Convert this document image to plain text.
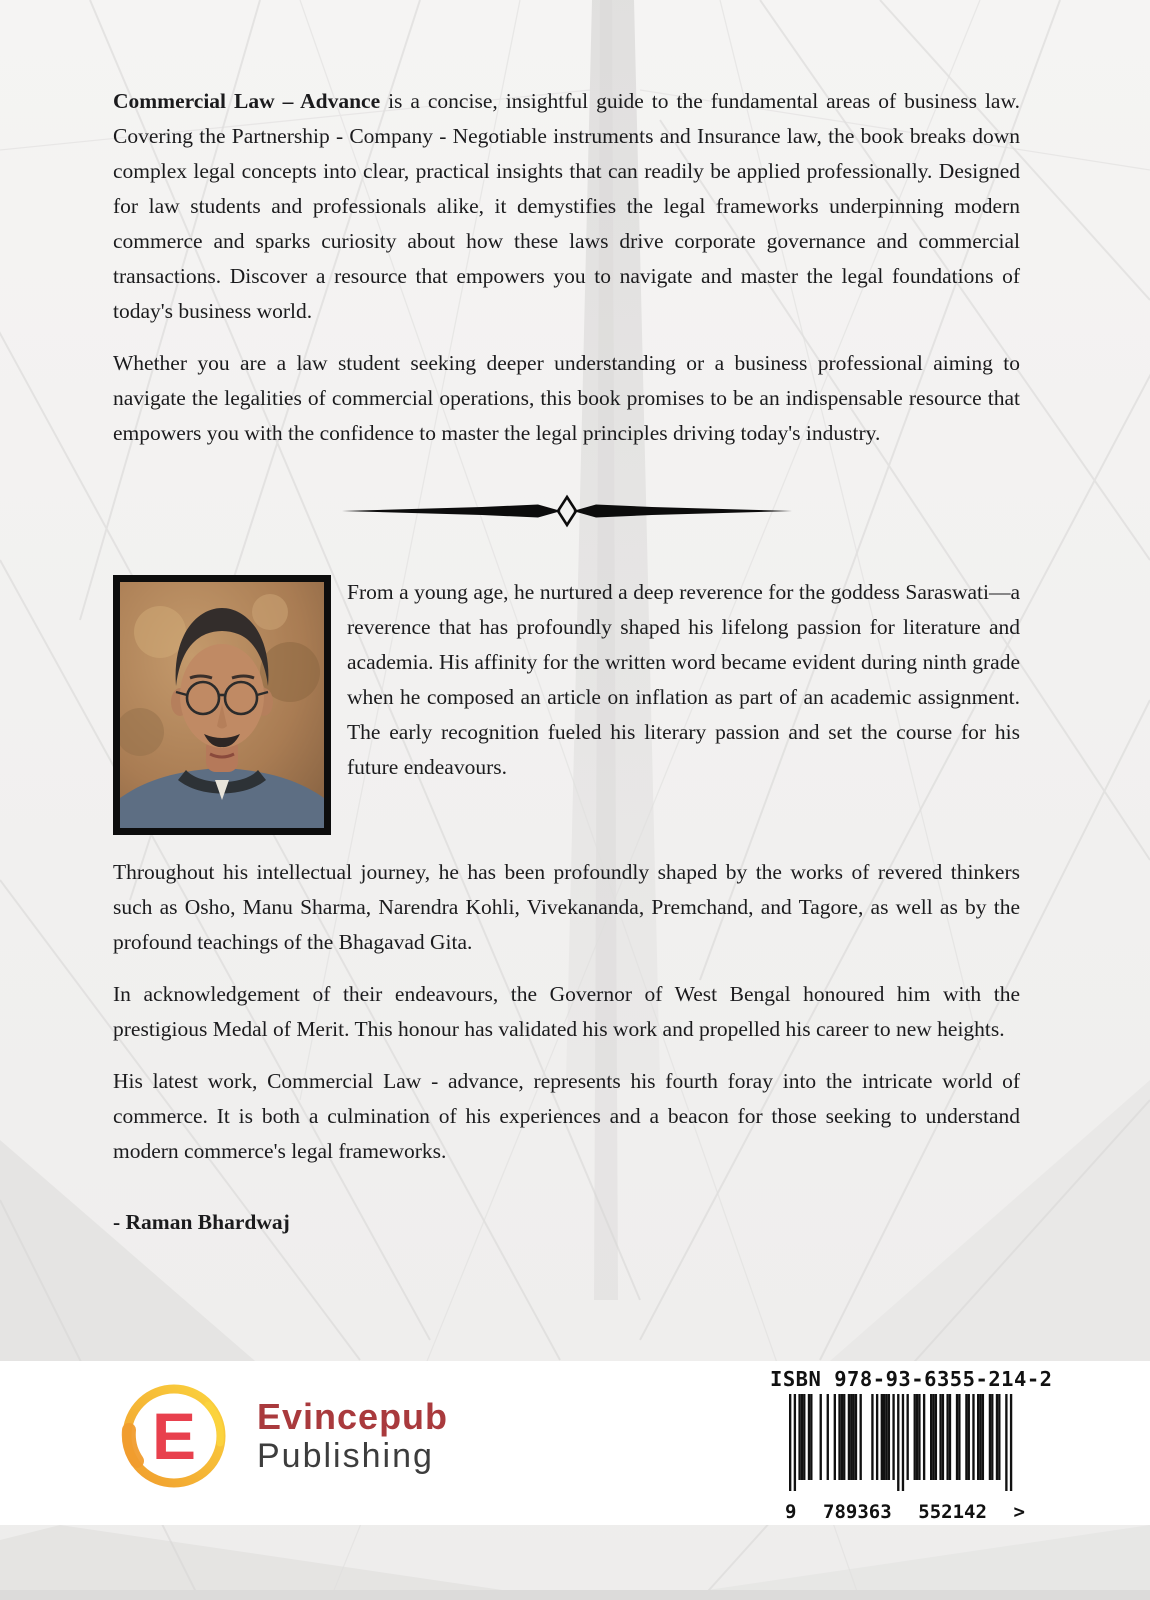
Commercial Law – Advance is a concise, insightful guide to the fundamental areas of business law. Covering the Partnership - Company - Negotiable instruments and Insurance law, the book breaks down complex legal concepts into clear, practical insights that can readily be applied professionally. Designed for law students and professionals alike, it demystifies the legal frameworks underpinning modern commerce and sparks curiosity about how these laws drive corporate governance and commercial transactions. Discover a resource that empowers you to navigate and master the legal foundations of today's business world.

Whether you are a law student seeking deeper understanding or a business professional aiming to navigate the legalities of commercial operations, this book promises to be an indispensable resource that empowers you with the confidence to master the legal principles driving today's industry.

From a young age, he nurtured a deep reverence for the goddess Saraswati—a reverence that has profoundly shaped his lifelong passion for literature and academia. His affinity for the written word became evident during ninth grade when he composed an article on inflation as part of an academic assignment. The early recognition fueled his literary passion and set the course for his future endeavours.

Throughout his intellectual journey, he has been profoundly shaped by the works of revered thinkers such as Osho, Manu Sharma, Narendra Kohli, Vivekananda, Premchand, and Tagore, as well as by the profound teachings of the Bhagavad Gita.

In acknowledgement of their endeavours, the Governor of West Bengal honoured him with the prestigious Medal of Merit. This honour has validated his work and propelled his career to new heights.

His latest work, Commercial Law - advance, represents his fourth foray into the intricate world of commerce. It is both a culmination of his experiences and a beacon for those seeking to understand modern commerce's legal frameworks.

- Raman Bhardwaj

E	Evincepub
Publishing
ISBN 978-93-6355-214-2
9 789363 552142 >
